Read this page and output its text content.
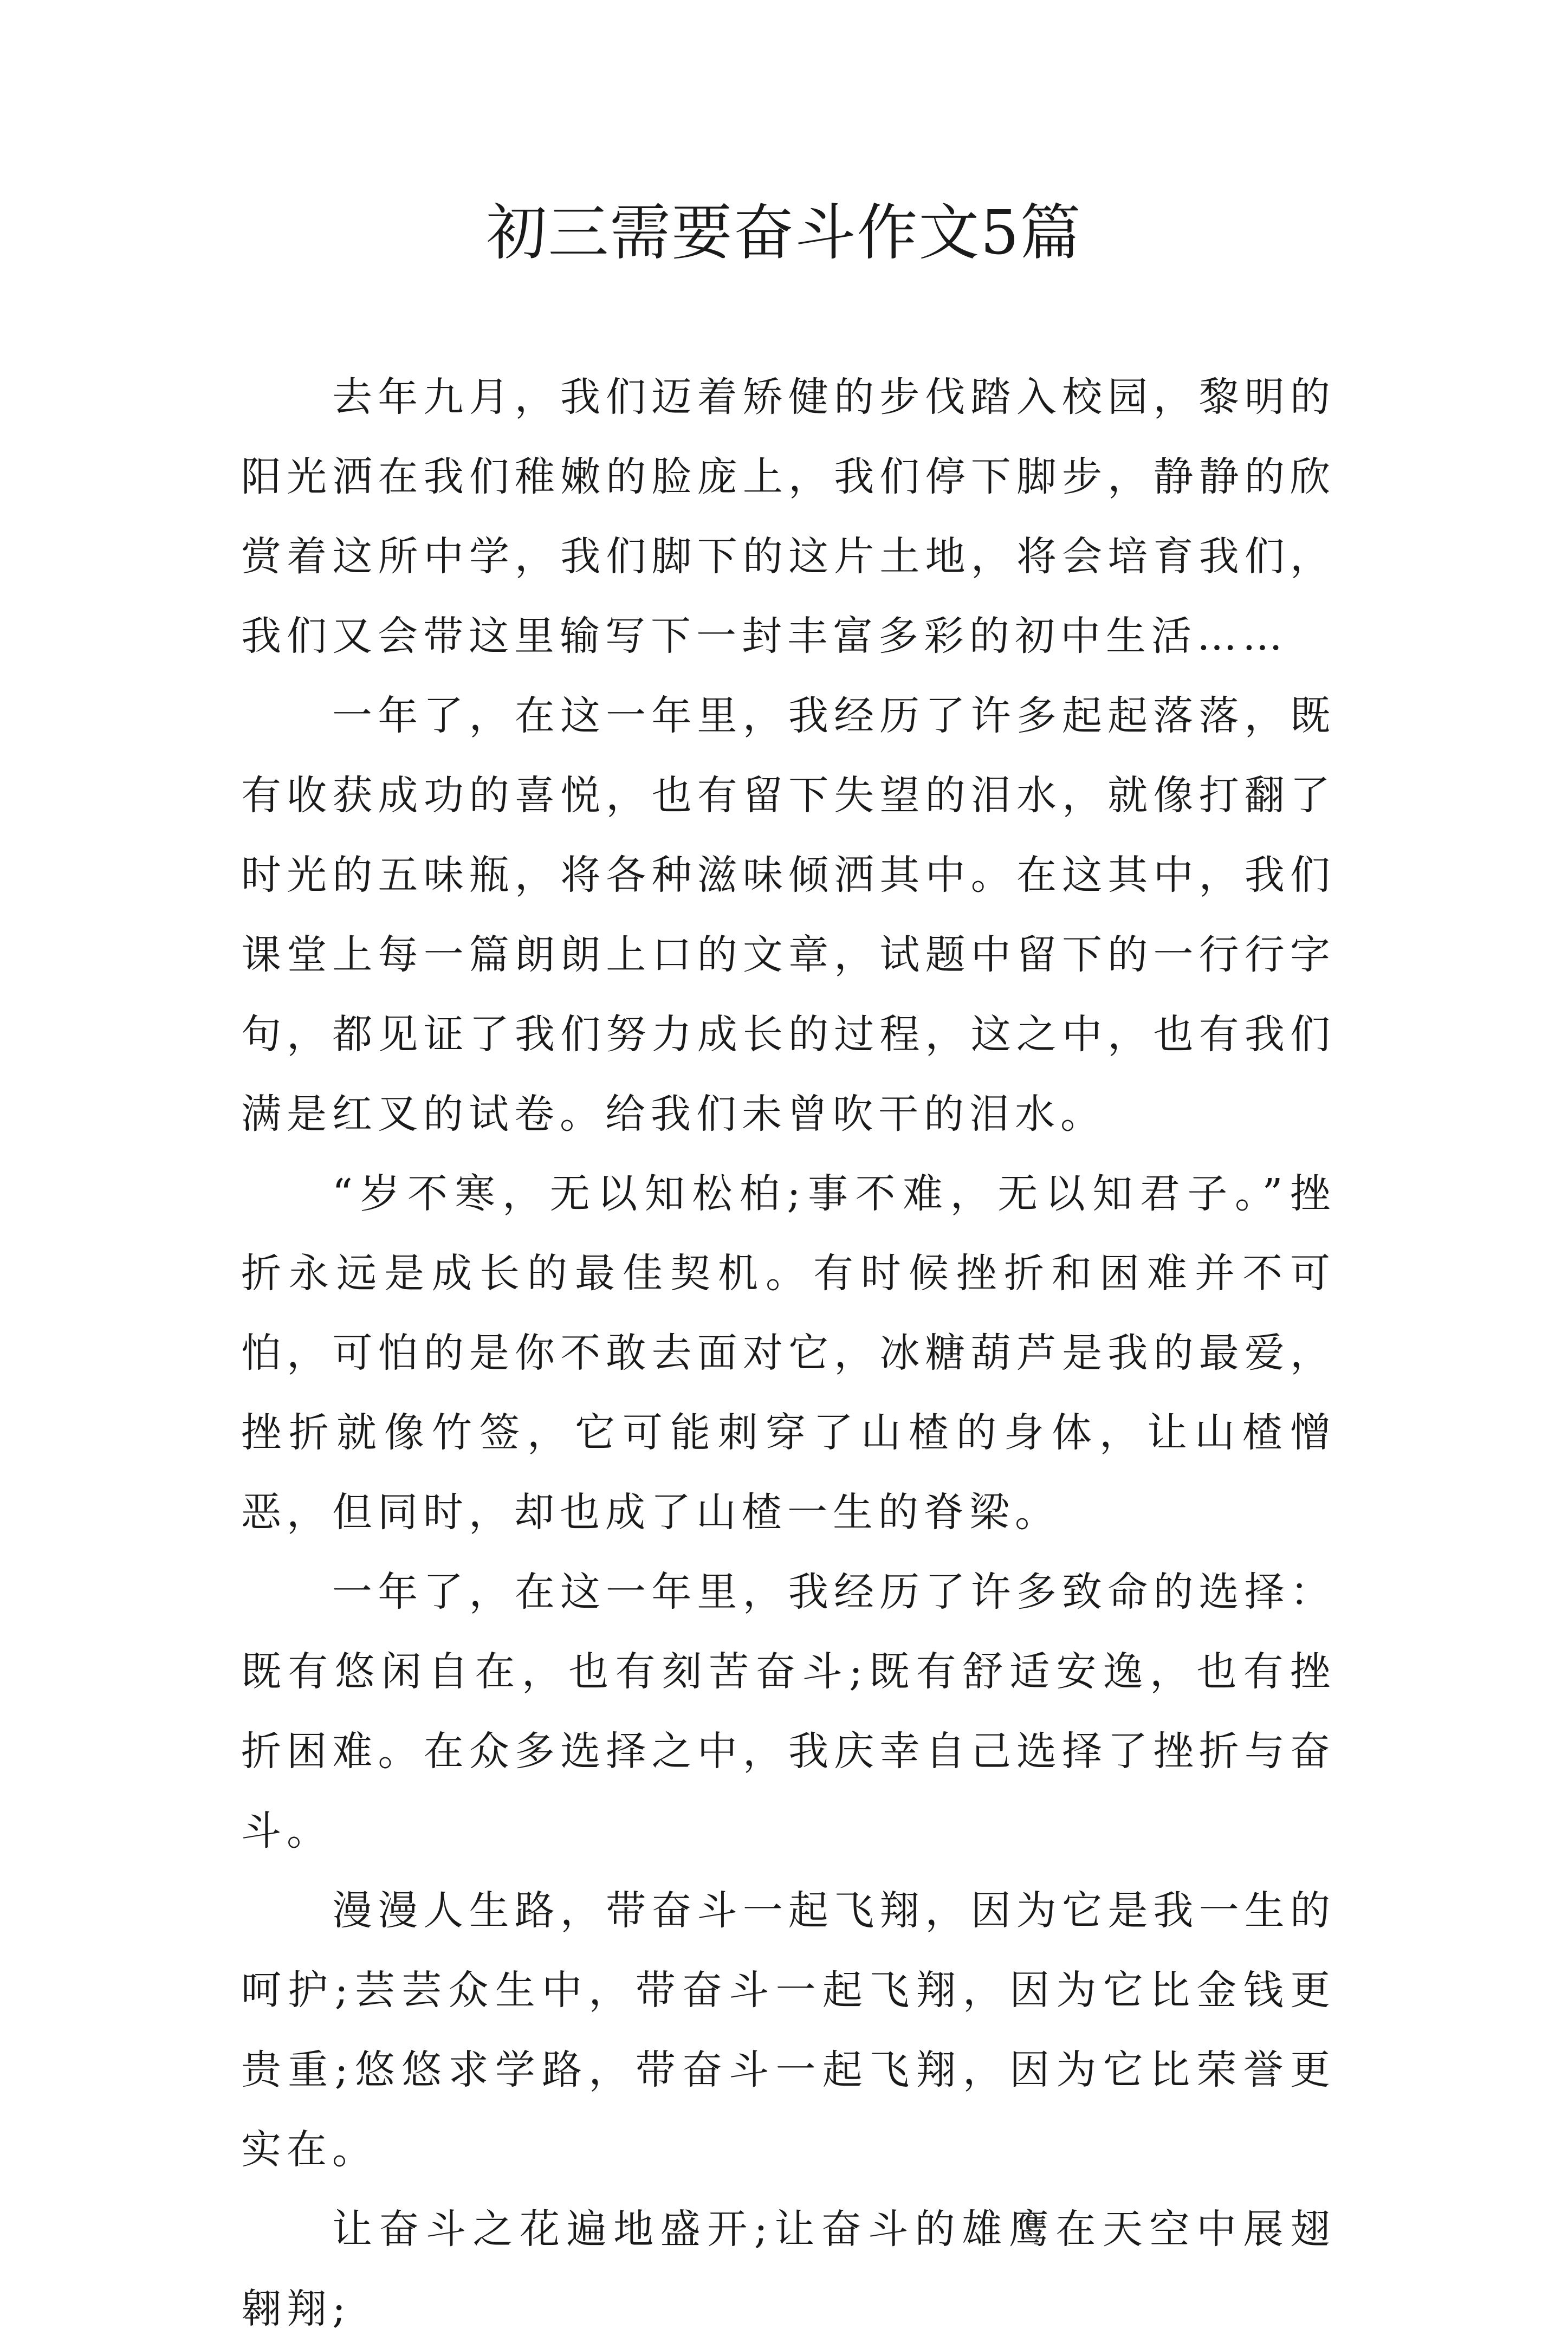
初三需要奋斗作文5篇

去年九月，我们迈着矫健的步伐踏入校园，黎明的阳光洒在我们稚嫩的脸庞上，我们停下脚步，静静的欣赏着这所中学，我们脚下的这片土地，将会培育我们，我们又会带这里输写下一封丰富多彩的初中生活……

一年了，在这一年里，我经历了许多起起落落，既有收获成功的喜悦，也有留下失望的泪水，就像打翻了时光的五味瓶，将各种滋味倾洒其中。在这其中，我们课堂上每一篇朗朗上口的文章，试题中留下的一行行字句，都见证了我们努力成长的过程，这之中，也有我们满是红叉的试卷。给我们未曾吹干的泪水。

“岁不寒，无以知松柏;事不难，无以知君子。”挫折永远是成长的最佳契机。有时候挫折和困难并不可怕，可怕的是你不敢去面对它，冰糖葫芦是我的最爱，挫折就像竹签，它可能刺穿了山楂的身体，让山楂憎恶，但同时，却也成了山楂一生的脊梁。

一年了，在这一年里，我经历了许多致命的选择：既有悠闲自在，也有刻苦奋斗;既有舒适安逸，也有挫折困难。在众多选择之中，我庆幸自己选择了挫折与奋斗。

漫漫人生路，带奋斗一起飞翔，因为它是我一生的呵护;芸芸众生中，带奋斗一起飞翔，因为它比金钱更贵重;悠悠求学路，带奋斗一起飞翔，因为它比荣誉更实在。

让奋斗之花遍地盛开;让奋斗的雄鹰在天空中展翅翱翔;
